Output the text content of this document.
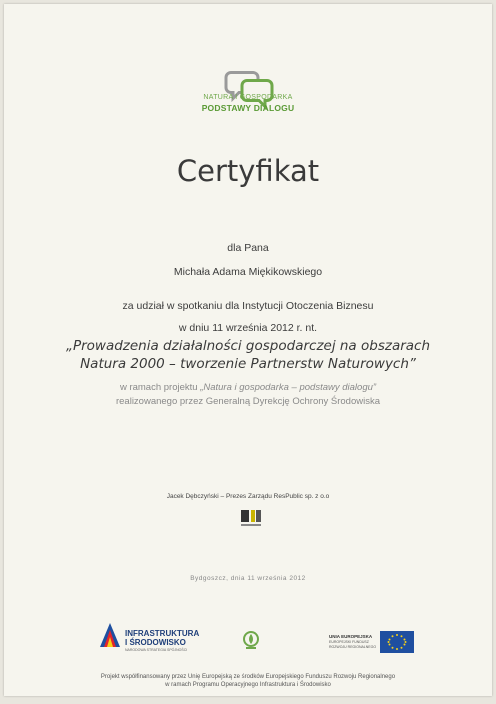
NATURA I GOSPODARKA
PODSTAWY DIALOGU
Certyfikat
dla Pana
Michała Adama Miękikowskiego
za udział w spotkaniu dla Instytucji Otoczenia Biznesu
w dniu 11 września 2012 r. nt.
„Prowadzenia działalności gospodarczej na obszarach
Natura 2000 – tworzenie Partnerstw Naturowych”
w ramach projektu „Natura i gospodarka – podstawy dialogu”
realizowanego przez Generalną Dyrekcję Ochrony Środowiska
Jacek Dębczyński – Prezes Zarządu ResPublic sp. z o.o
Bydgoszcz, dnia 11 września 2012
INFRASTRUKTURA
I ŚRODOWISKO
NARODOWA STRATEGIA SPÓJNOŚCI
UNIA EUROPEJSKA
EUROPEJSKI FUNDUSZ
ROZWOJU REGIONALNEGO
Projekt współfinansowany przez Unię Europejską ze środków Europejskiego Funduszu Rozwoju Regionalnego
w ramach Programu Operacyjnego Infrastruktura i Środowisko
